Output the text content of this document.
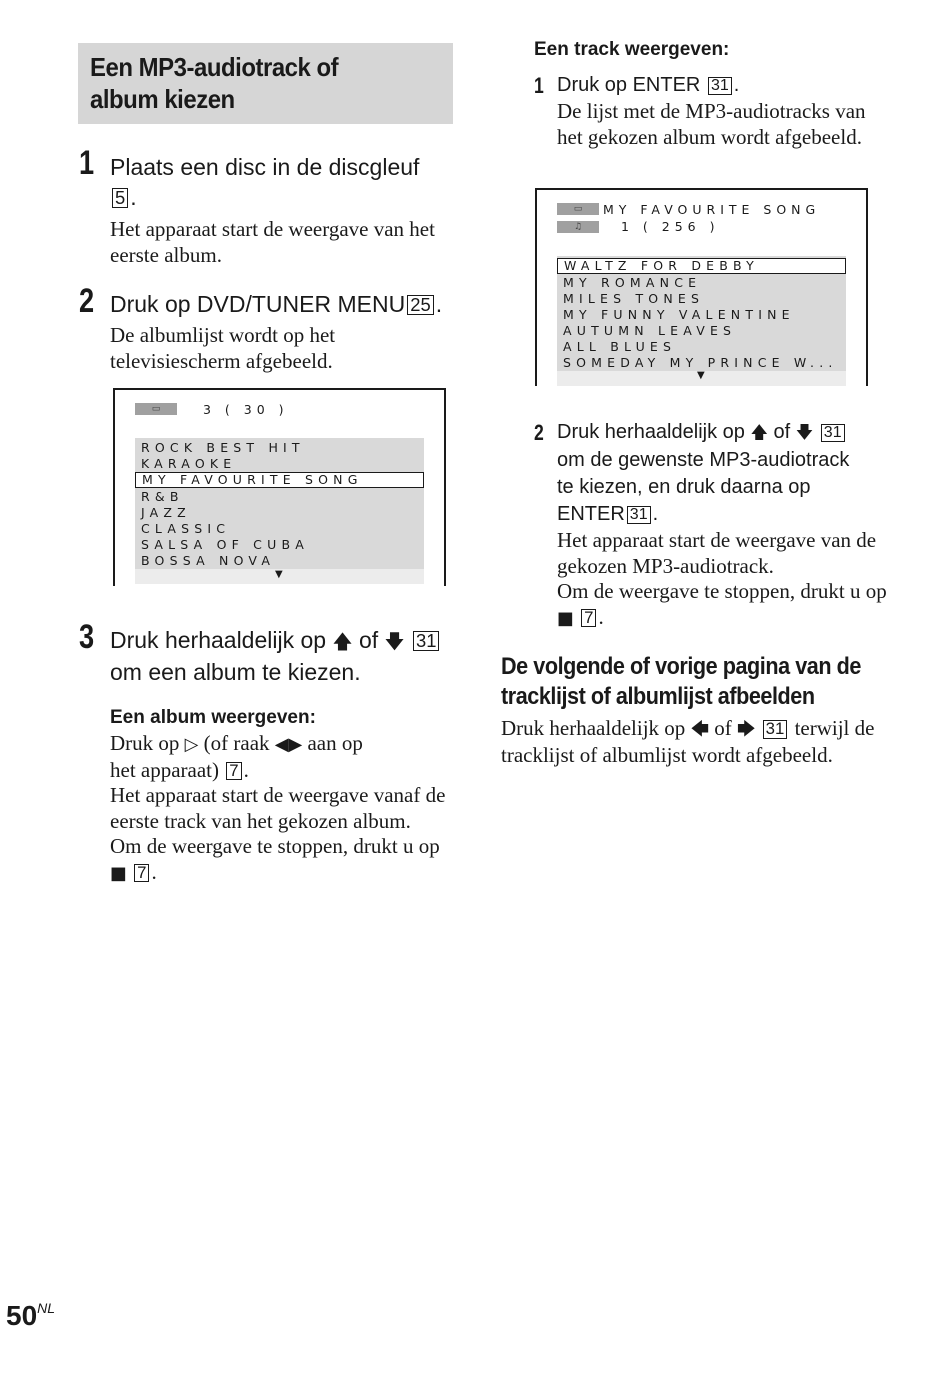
Een MP3-audiotrack of album kiezen
1 Plaats een disc in de discgleuf
5 .
Het apparaat start de weergave van het eerste album.
2 Druk op DVD/TUNER MENU 25 .
De albumlijst wordt op het televisiescherm afgebeeld.
▭	3 ( 30 )
ROCK BEST HIT
KARAOKE
MY FAVOURITE SONG
R&B
JAZZ
CLASSIC
SALSA OF CUBA
BOSSA NOVA
▼
3 Druk herhaaldelijk op 🡅 of 🡇 31
om een album te kiezen.
Een album weergeven:
Druk op ▷ (of raak ◀▶ aan op
het apparaat) 7 .
Het apparaat start de weergave vanaf de eerste track van het gekozen album.
Om de weergave te stoppen, drukt u op ■ 7 .
Een track weergeven:
1 Druk op ENTER 31 .
De lijst met de MP3-audiotracks van het gekozen album wordt afgebeeld.
▭	MY FAVOURITE SONG
♫	1 ( 256 )
WALTZ FOR DEBBY
MY ROMANCE
MILES TONES
MY FUNNY VALENTINE
AUTUMN LEAVES
ALL BLUES
SOMEDAY MY PRINCE W...
▼
2 Druk herhaaldelijk op 🡅 of 🡇 31
om de gewenste MP3-audiotrack
te kiezen, en druk daarna op
ENTER 31 .
Het apparaat start de weergave van de gekozen MP3-audiotrack.
Om de weergave te stoppen, drukt u op ■ 7 .
De volgende of vorige pagina van de tracklijst of albumlijst afbeelden
Druk herhaaldelijk op 🡄 of 🡆 31 terwijl de tracklijst of albumlijst wordt afgebeeld.
$50^{NL}$
